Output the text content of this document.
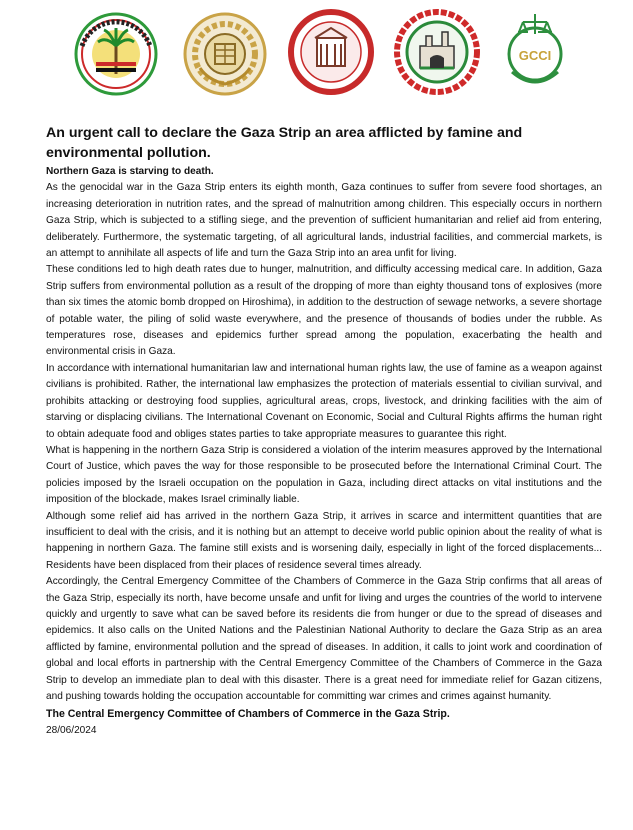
GCCI
An urgent call to declare the Gaza Strip an area afflicted by famine and environmental pollution.

Northern Gaza is starving to death.

As the genocidal war in the Gaza Strip enters its eighth month, Gaza continues to suffer from severe food shortages, an increasing deterioration in nutrition rates, and the spread of malnutrition among children. This especially occurs in northern Gaza Strip, which is subjected to a stifling siege, and the prevention of sufficient humanitarian and relief aid from entering, deliberately. Furthermore, the systematic targeting, of all agricultural lands, industrial facilities, and commercial markets, is an attempt to annihilate all aspects of life and turn the Gaza Strip into an area unfit for living.

These conditions led to high death rates due to hunger, malnutrition, and difficulty accessing medical care. In addition, Gaza Strip suffers from environmental pollution as a result of the dropping of more than eighty thousand tons of explosives (more than six times the atomic bomb dropped on Hiroshima), in addition to the destruction of sewage networks, a severe shortage of potable water, the piling of solid waste everywhere, and the presence of thousands of bodies under the rubble. As temperatures rose, diseases and epidemics further spread among the population, exacerbating the health and environmental crisis in Gaza.

In accordance with international humanitarian law and international human rights law, the use of famine as a weapon against civilians is prohibited. Rather, the international law emphasizes the protection of materials essential to civilian survival, and prohibits attacking or destroying food supplies, agricultural areas, crops, livestock, and drinking facilities with the aim of starving or displacing civilians. The International Covenant on Economic, Social and Cultural Rights affirms the human right to obtain adequate food and obliges states parties to take appropriate measures to guarantee this right.

What is happening in the northern Gaza Strip is considered a violation of the interim measures approved by the International Court of Justice, which paves the way for those responsible to be prosecuted before the International Criminal Court. The policies imposed by the Israeli occupation on the population in Gaza, including direct attacks on vital institutions and the imposition of the blockade, makes Israel criminally liable.

Although some relief aid has arrived in the northern Gaza Strip, it arrives in scarce and intermittent quantities that are insufficient to deal with the crisis, and it is nothing but an attempt to deceive world public opinion about the reality of what is happening in northern Gaza. The famine still exists and is worsening daily, especially in light of the forced displacements... Residents have been displaced from their places of residence several times already.

Accordingly, the Central Emergency Committee of the Chambers of Commerce in the Gaza Strip confirms that all areas of the Gaza Strip, especially its north, have become unsafe and unfit for living and urges the countries of the world to intervene quickly and urgently to save what can be saved before its residents die from hunger or due to the spread of diseases and epidemics. It also calls on the United Nations and the Palestinian National Authority to declare the Gaza Strip as an area afflicted by famine, environmental pollution and the spread of diseases. In addition, it calls to joint work and coordination of global and local efforts in partnership with the Central Emergency Committee of the Chambers of Commerce in the Gaza Strip to develop an immediate plan to deal with this disaster. There is a great need for immediate relief for Gazan citizens, and pushing towards holding the occupation accountable for committing war crimes and crimes against humanity.

The Central Emergency Committee of Chambers of Commerce in the Gaza Strip.

28/06/2024
